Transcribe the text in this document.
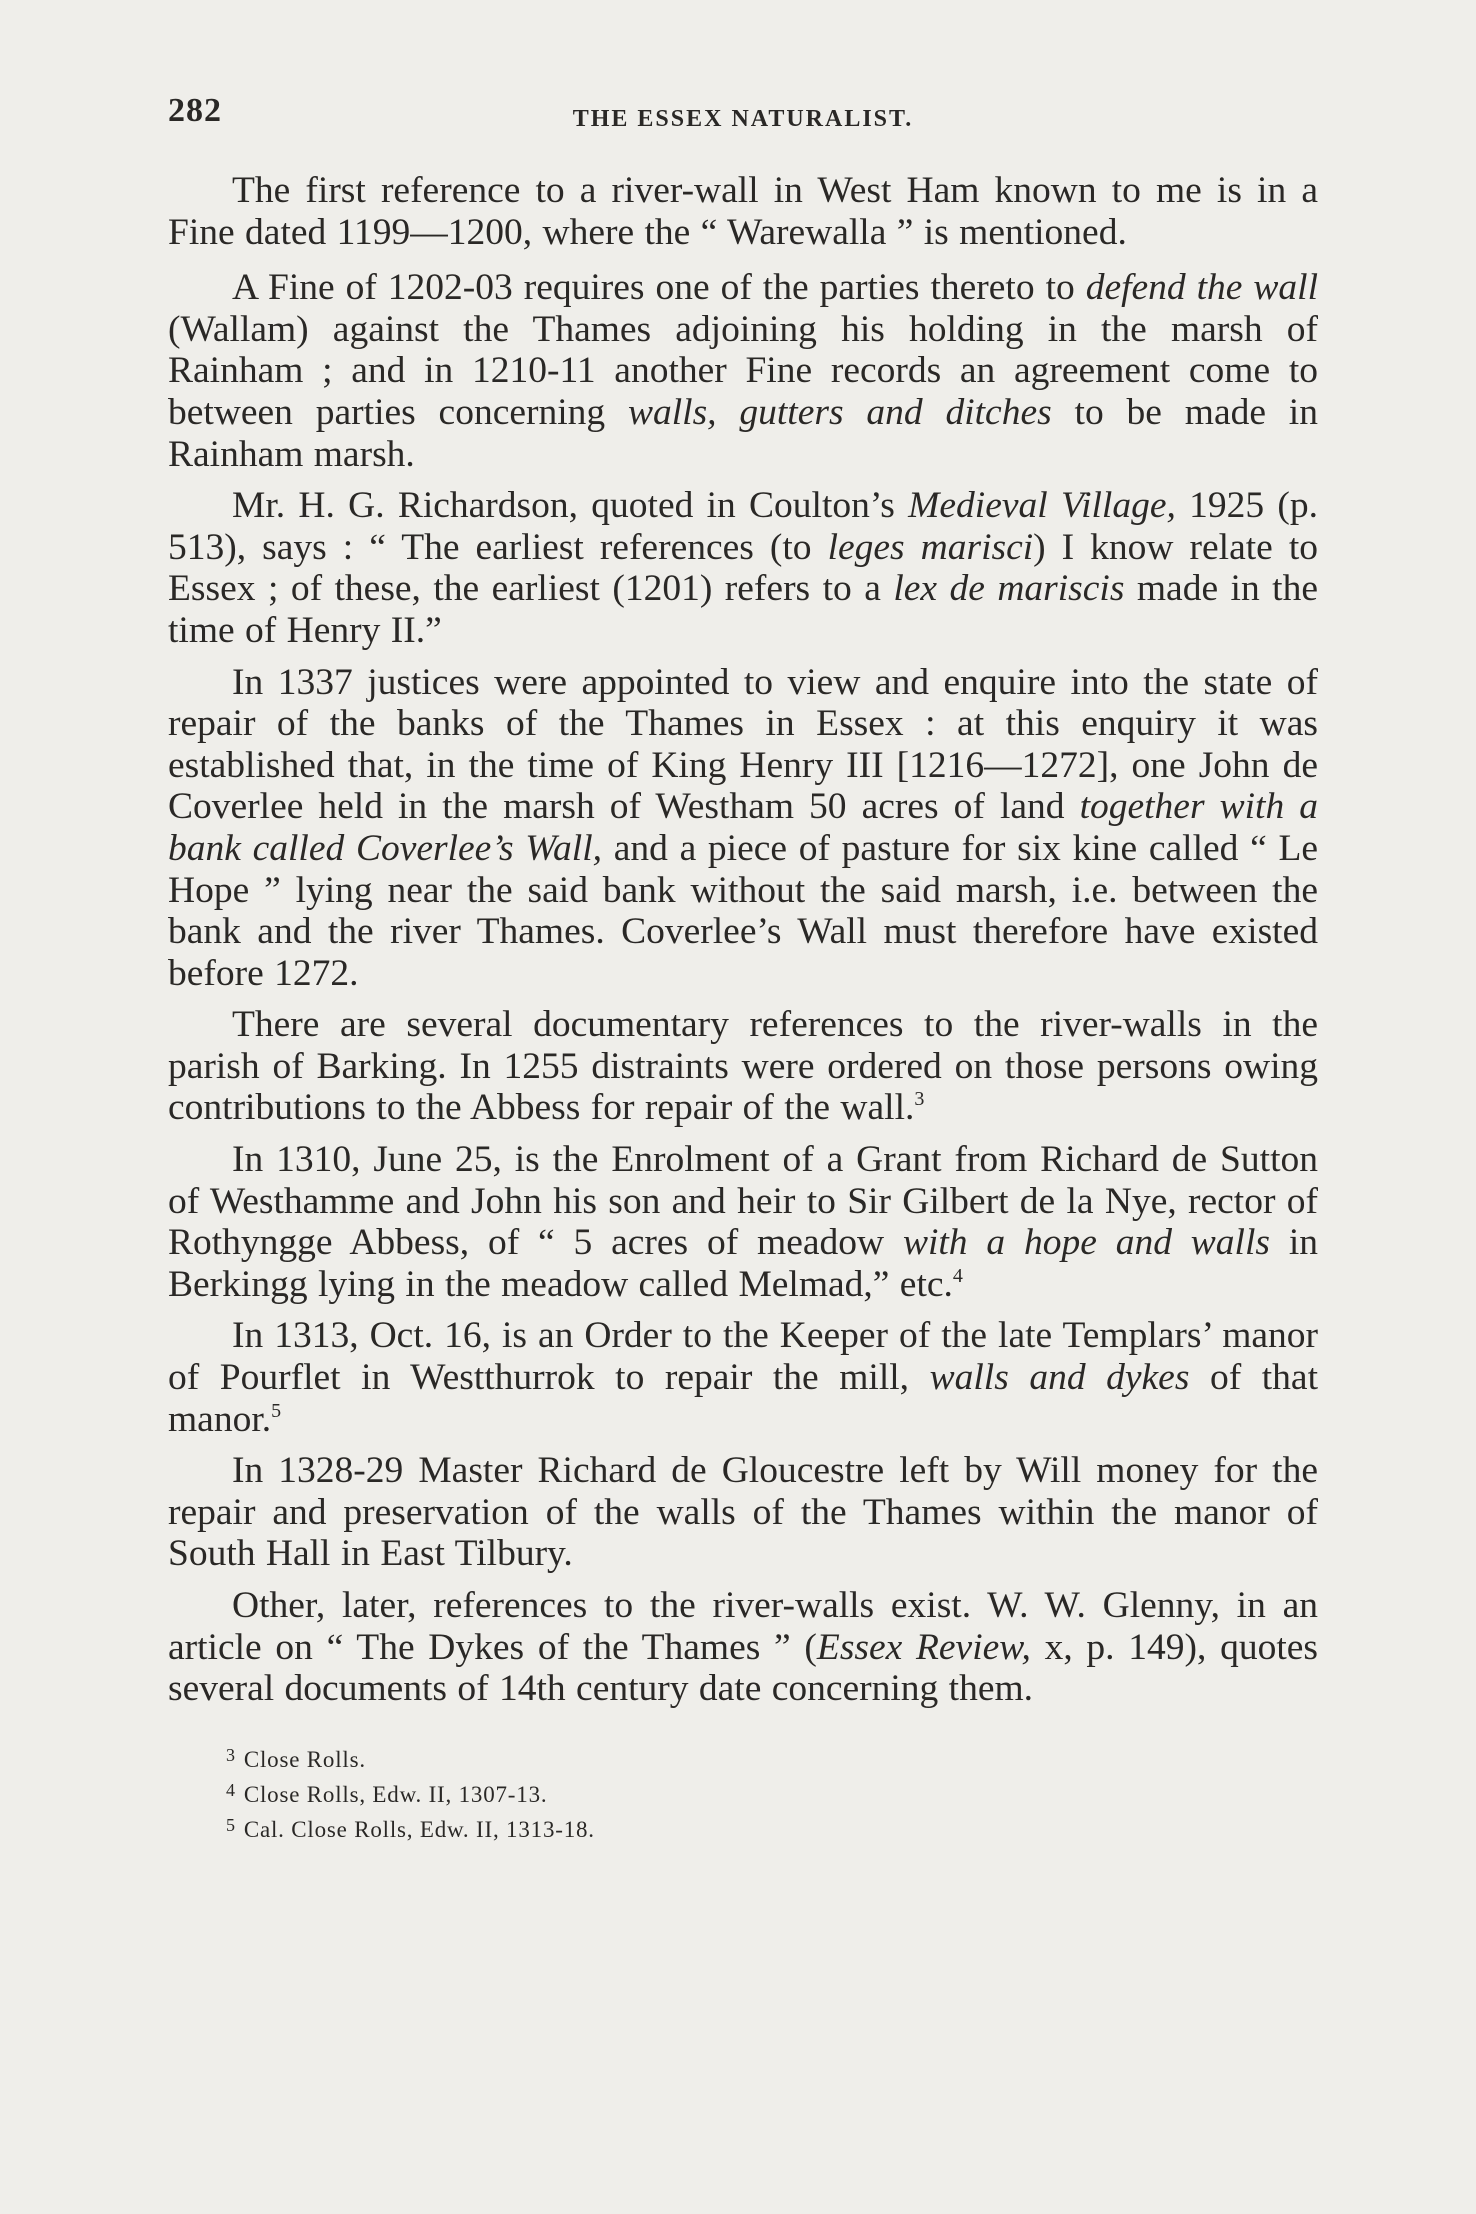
282	THE ESSEX NATURALIST.

The first reference to a river-wall in West Ham known to me is in a Fine dated 1199—1200, where the “ Warewalla ” is mentioned.

A Fine of 1202-03 requires one of the parties thereto to defend the wall (Wallam) against the Thames adjoining his holding in the marsh of Rainham ; and in 1210-11 another Fine records an agreement come to between parties concerning walls, gutters and ditches to be made in Rainham marsh.

Mr. H. G. Richardson, quoted in Coulton’s Medieval Village, 1925 (p. 513), says : “ The earliest references (to leges marisci) I know relate to Essex ; of these, the earliest (1201) refers to a lex de mariscis made in the time of Henry II.”

In 1337 justices were appointed to view and enquire into the state of repair of the banks of the Thames in Essex : at this enquiry it was established that, in the time of King Henry III [1216—1272], one John de Coverlee held in the marsh of Westham 50 acres of land together with a bank called Coverlee’s Wall, and a piece of pasture for six kine called “ Le Hope ” lying near the said bank without the said marsh, i.e. between the bank and the river Thames. Coverlee’s Wall must therefore have existed before 1272.

There are several documentary references to the river-walls in the parish of Barking. In 1255 distraints were ordered on those persons owing contributions to the Abbess for repair of the wall.$^3$

In 1310, June 25, is the Enrolment of a Grant from Richard de Sutton of Westhamme and John his son and heir to Sir Gilbert de la Nye, rector of Rothyngge Abbess, of “ 5 acres of meadow with a hope and walls in Berkingg lying in the meadow called Melmad,” etc.$^4$

In 1313, Oct. 16, is an Order to the Keeper of the late Templars’ manor of Pourflet in Westthurrok to repair the mill, walls and dykes of that manor.$^5$

In 1328-29 Master Richard de Gloucestre left by Will money for the repair and preservation of the walls of the Thames within the manor of South Hall in East Tilbury.

Other, later, references to the river-walls exist. W. W. Glenny, in an article on “ The Dykes of the Thames ” (Essex Review, x, p. 149), quotes several documents of 14th century date concerning them.

$^3$ Close Rolls.
$^4$ Close Rolls, Edw. II, 1307-13.
$^5$ Cal. Close Rolls, Edw. II, 1313-18.
